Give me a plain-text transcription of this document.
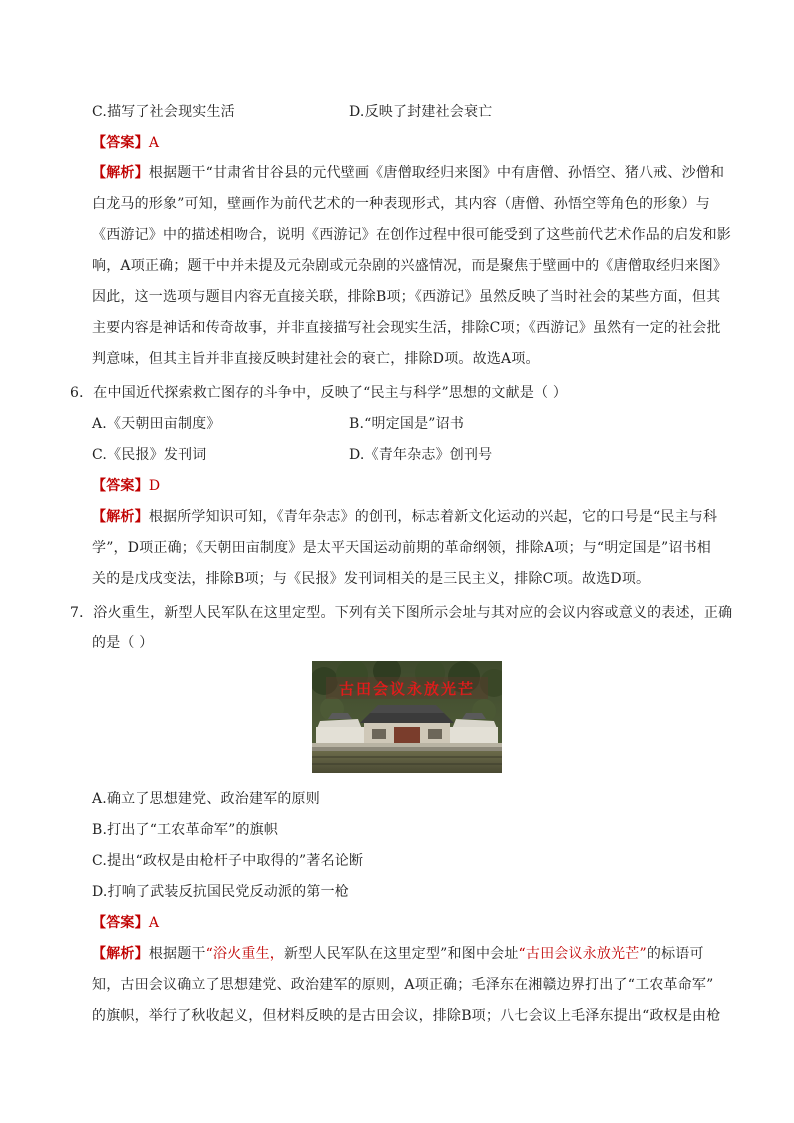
C.描写了社会现实生活	D.反映了封建社会衰亡
【答案】A
【解析】根据题干“甘肃省甘谷县的元代壁画《唐僧取经归来图》中有唐僧、孙悟空、猪八戒、沙僧和
白龙马的形象”可知，壁画作为前代艺术的一种表现形式，其内容（唐僧、孙悟空等角色的形象）与
《西游记》中的描述相吻合，说明《西游记》在创作过程中很可能受到了这些前代艺术作品的启发和影
响，A项正确；题干中并未提及元杂剧或元杂剧的兴盛情况，而是聚焦于壁画中的《唐僧取经归来图》
因此，这一选项与题目内容无直接关联，排除B项；《西游记》虽然反映了当时社会的某些方面，但其
主要内容是神话和传奇故事，并非直接描写社会现实生活，排除C项；《西游记》虽然有一定的社会批
判意味，但其主旨并非直接反映封建社会的衰亡，排除D项。故选A项。
6．在中国近代探索救亡图存的斗争中，反映了“民主与科学”思想的文献是（ ）
A.《天朝田亩制度》	B.“明定国是”诏书
C.《民报》发刊词	D.《青年杂志》创刊号
【答案】D
【解析】根据所学知识可知，《青年杂志》的创刊，标志着新文化运动的兴起，它的口号是“民主与科
学”，D项正确；《天朝田亩制度》是太平天国运动前期的革命纲领，排除A项；与“明定国是”诏书相
关的是戊戌变法，排除B项；与《民报》发刊词相关的是三民主义，排除C项。故选D项。
7．浴火重生，新型人民军队在这里定型。下列有关下图所示会址与其对应的会议内容或意义的表述，正确
的是（ ）
古田会议永放光芒
A.确立了思想建党、政治建军的原则
B.打出了“工农革命军”的旗帜
C.提出“政权是由枪杆子中取得的”著名论断
D.打响了武装反抗国民党反动派的第一枪
【答案】A
【解析】根据题干“浴火重生，新型人民军队在这里定型”和图中会址“古田会议永放光芒”的标语可
知，古田会议确立了思想建党、政治建军的原则，A项正确；毛泽东在湘赣边界打出了“工农革命军”
的旗帜，举行了秋收起义，但材料反映的是古田会议，排除B项；八七会议上毛泽东提出“政权是由枪
